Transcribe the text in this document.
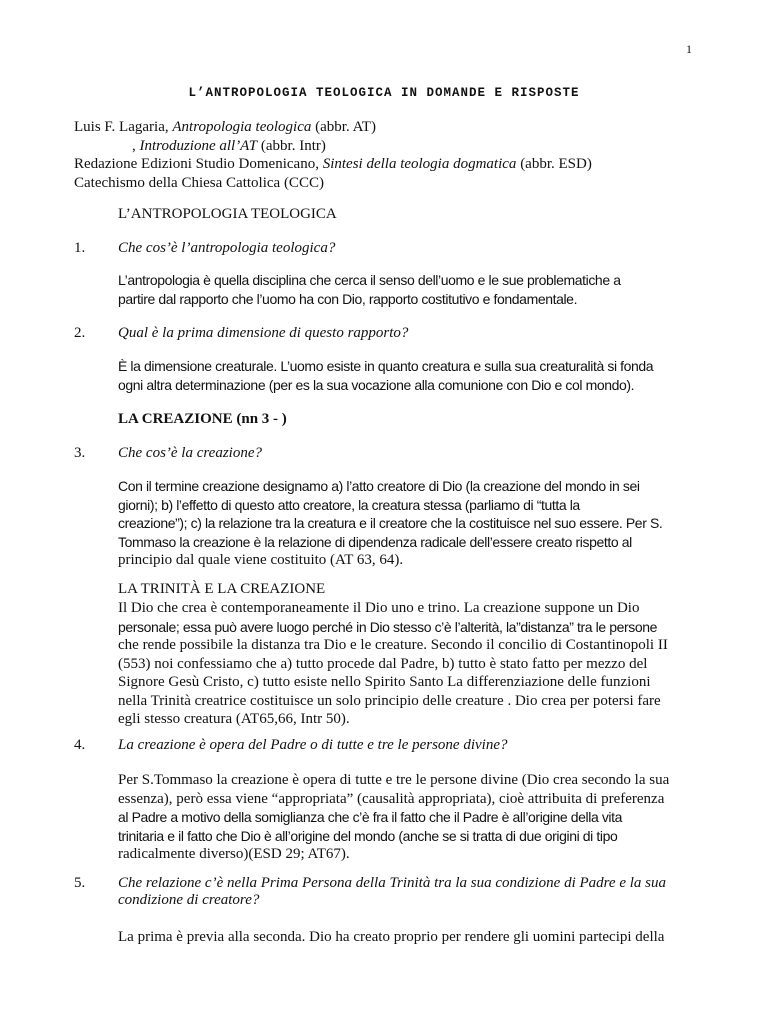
1
L’ANTROPOLOGIA TEOLOGICA IN DOMANDE E RISPOSTE
Luis F. Lagaria, Antropologia teologica (abbr. AT)
, Introduzione all’AT (abbr. Intr)
Redazione Edizioni Studio Domenicano, Sintesi della teologia dogmatica (abbr. ESD)
Catechismo della Chiesa Cattolica (CCC)
L’ANTROPOLOGIA TEOLOGICA
1. Che cos’è l’antropologia teologica?
L’antropologia è quella disciplina che cerca il senso dell’uomo e le sue problematiche a
partire dal rapporto che l’uomo ha con Dio, rapporto costitutivo e fondamentale.
2. Qual è la prima dimensione di questo rapporto?
È la dimensione creaturale. L’uomo esiste in quanto creatura e sulla sua creaturalità si fonda
ogni altra determinazione (per es la sua vocazione alla comunione con Dio e col mondo).
LA CREAZIONE (nn 3 - )
3. Che cos’è la creazione?
Con il termine creazione designamo a) l’atto creatore di Dio (la creazione del mondo in sei
giorni); b) l’effetto di questo atto creatore, la creatura stessa (parliamo di “tutta la
creazione”); c) la relazione tra la creatura e il creatore che la costituisce nel suo essere. Per S.
Tommaso la creazione è la relazione di dipendenza radicale dell’essere creato rispetto al
principio dal quale viene costituito (AT 63, 64).
LA TRINITÀ E LA CREAZIONE
Il Dio che crea è contemporaneamente il Dio uno e trino. La creazione suppone un Dio
personale; essa può avere luogo perché in Dio stesso c’è l’alterità, la”distanza” tra le persone
che rende possibile la distanza tra Dio e le creature. Secondo il concilio di Costantinopoli II
(553) noi confessiamo che a) tutto procede dal Padre, b) tutto è stato fatto per mezzo del
Signore Gesù Cristo, c) tutto esiste nello Spirito Santo La differenziazione delle funzioni
nella Trinità creatrice costituisce un solo principio delle creature . Dio crea per potersi fare
egli stesso creatura (AT65,66, Intr 50).
4. La creazione è opera del Padre o di tutte e tre le persone divine?
Per S.Tommaso la creazione è opera di tutte e tre le persone divine (Dio crea secondo la sua
essenza), però essa viene “appropriata” (causalità appropriata), cioè attribuita di preferenza
al Padre a motivo della somiglianza che c’è fra il fatto che il Padre è all’origine della vita
trinitaria e il fatto che Dio è all’origine del mondo (anche se si tratta di due origini di tipo
radicalmente diverso)(ESD 29; AT67).
5. Che relazione c’è nella Prima Persona della Trinità tra la sua condizione di Padre e la sua
condizione di creatore?
La prima è previa alla seconda. Dio ha creato proprio per rendere gli uomini partecipi della
